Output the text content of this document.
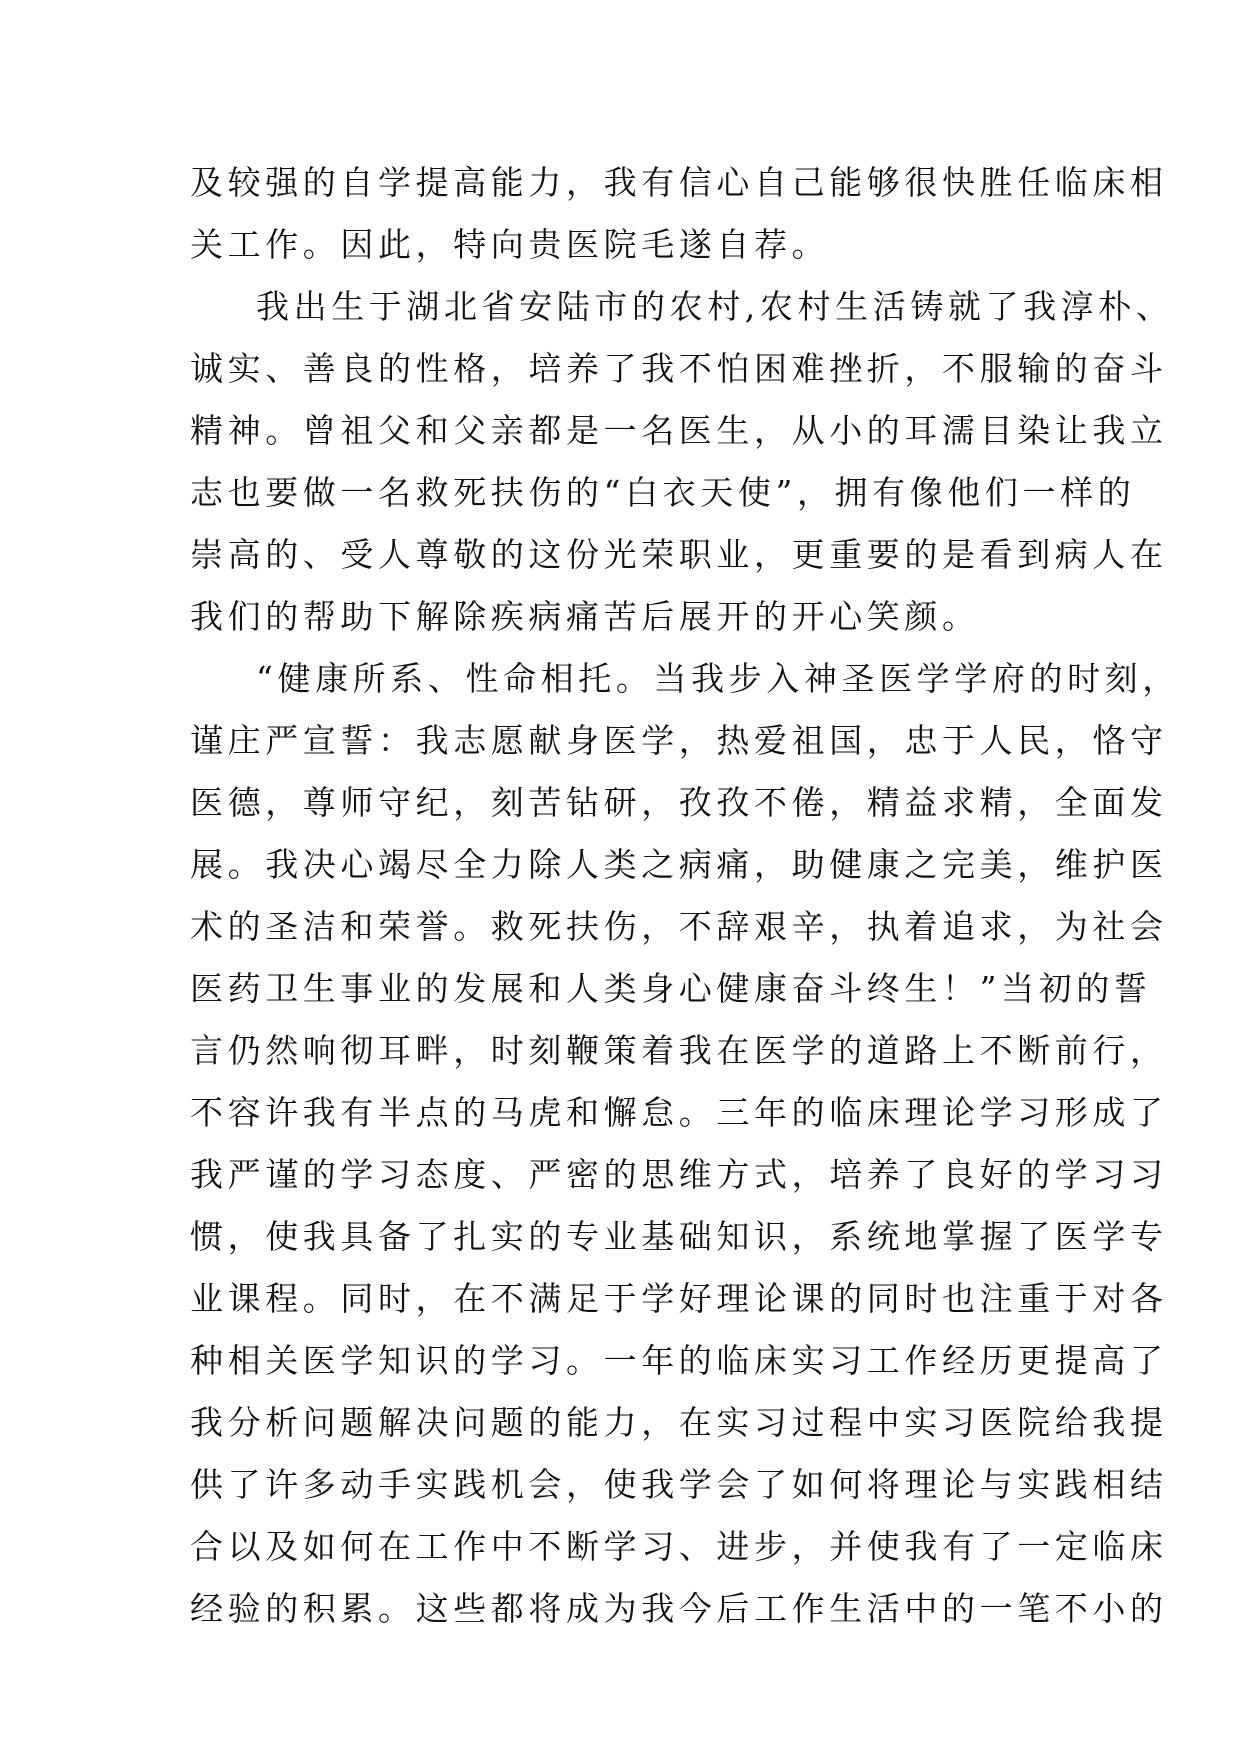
及较强的自学提高能力，我有信心自己能够很快胜任临床相
关工作。因此，特向贵医院毛遂自荐。
我出生于湖北省安陆市的农村,农村生活铸就了我淳朴、
诚实、善良的性格，培养了我不怕困难挫折，不服输的奋斗
精神。曾祖父和父亲都是一名医生，从小的耳濡目染让我立
志也要做一名救死扶伤的“白衣天使”，拥有像他们一样的
崇高的、受人尊敬的这份光荣职业，更重要的是看到病人在
我们的帮助下解除疾病痛苦后展开的开心笑颜。
“健康所系、性命相托。当我步入神圣医学学府的时刻，
谨庄严宣誓：我志愿献身医学，热爱祖国，忠于人民，恪守
医德，尊师守纪，刻苦钻研，孜孜不倦，精益求精，全面发
展。我决心竭尽全力除人类之病痛，助健康之完美，维护医
术的圣洁和荣誉。救死扶伤，不辞艰辛，执着追求，为社会
医药卫生事业的发展和人类身心健康奋斗终生！”当初的誓
言仍然响彻耳畔，时刻鞭策着我在医学的道路上不断前行，
不容许我有半点的马虎和懈怠。三年的临床理论学习形成了
我严谨的学习态度、严密的思维方式，培养了良好的学习习
惯，使我具备了扎实的专业基础知识，系统地掌握了医学专
业课程。同时，在不满足于学好理论课的同时也注重于对各
种相关医学知识的学习。一年的临床实习工作经历更提高了
我分析问题解决问题的能力，在实习过程中实习医院给我提
供了许多动手实践机会，使我学会了如何将理论与实践相结
合以及如何在工作中不断学习、进步，并使我有了一定临床
经验的积累。这些都将成为我今后工作生活中的一笔不小的
